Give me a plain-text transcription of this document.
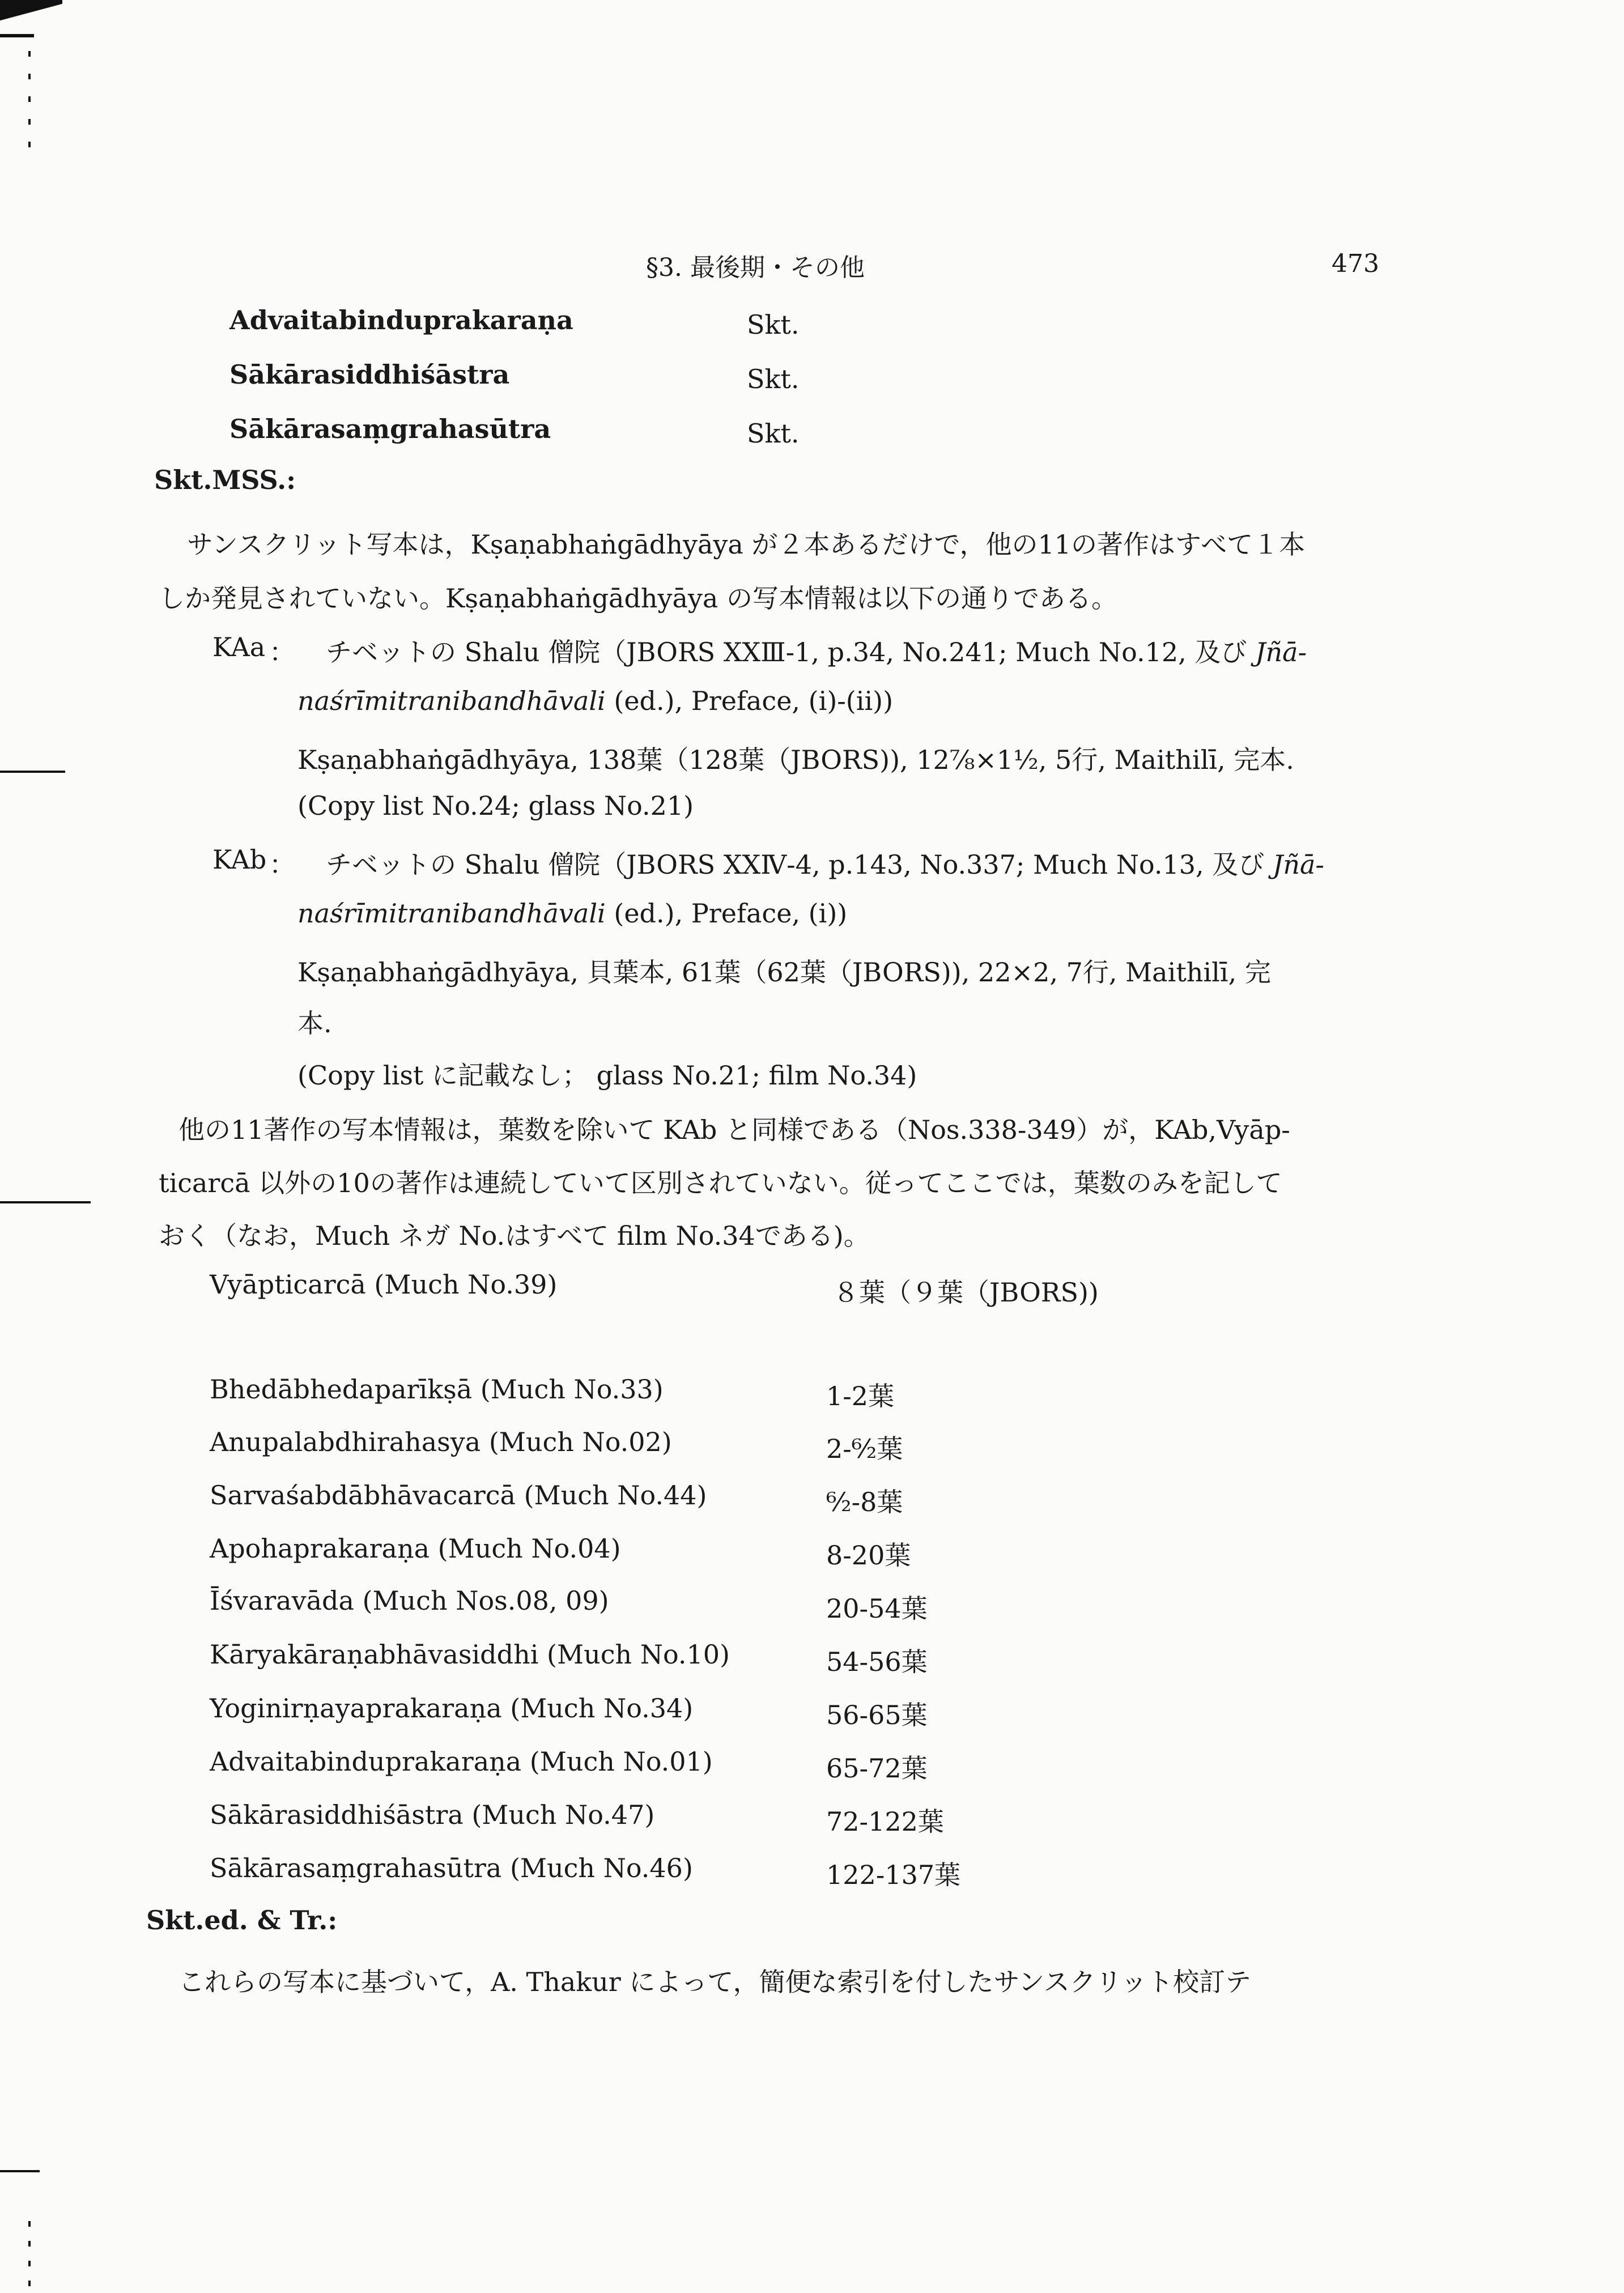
§3. 最後期・その他	473
Advaitabinduprakaraṇa	Skt.
Sākārasiddhiśāstra	Skt.
Sākārasaṃgrahasūtra	Skt.
Skt.MSS.:
サンスクリット写本は，Kṣaṇabhaṅgādhyāya が２本あるだけで，他の11の著作はすべて１本
しか発見されていない。Kṣaṇabhaṅgādhyāya の写本情報は以下の通りである。
KAa ： チベットの Shalu 僧院（JBORS XXⅢ-1, p.34, No.241; Much No.12, 及び Jñā-
naśrīmitranibandhāvali (ed.), Preface, (i)-(ii))
Kṣaṇabhaṅgādhyāya, 138葉（128葉（JBORS)), 12⅞×1½, 5行, Maithilī, 完本.
(Copy list No.24; glass No.21)
KAb ： チベットの Shalu 僧院（JBORS XXⅣ-4, p.143, No.337; Much No.13, 及び Jñā-
naśrīmitranibandhāvali (ed.), Preface, (i))
Kṣaṇabhaṅgādhyāya, 貝葉本, 61葉（62葉（JBORS)), 22×2, 7行, Maithilī, 完
本.
(Copy list に記載なし； glass No.21; film No.34)
他の11著作の写本情報は，葉数を除いて KAb と同様である（Nos.338-349）が，KAb,Vyāp-
ticarcā 以外の10の著作は連続していて区別されていない。従ってここでは，葉数のみを記して
おく（なお，Much ネガ No.はすべて film No.34である)。
Vyāpticarcā (Much No.39)	８葉（９葉（JBORS))
Bhedābhedaparīkṣā (Much No.33)	1-2葉
Anupalabdhirahasya (Much No.02)	2-⁶⁄₂葉
Sarvaśabdābhāvacarcā (Much No.44)	⁶⁄₂-8葉
Apohaprakaraṇa (Much No.04)	8-20葉
Īśvaravāda (Much Nos.08, 09)	20-54葉
Kāryakāraṇabhāvasiddhi (Much No.10)	54-56葉
Yoginirṇayaprakaraṇa (Much No.34)	56-65葉
Advaitabinduprakaraṇa (Much No.01)	65-72葉
Sākārasiddhiśāstra (Much No.47)	72-122葉
Sākārasaṃgrahasūtra (Much No.46)	122-137葉
Skt.ed. & Tr.:
これらの写本に基づいて，A. Thakur によって，簡便な索引を付したサンスクリット校訂テ
